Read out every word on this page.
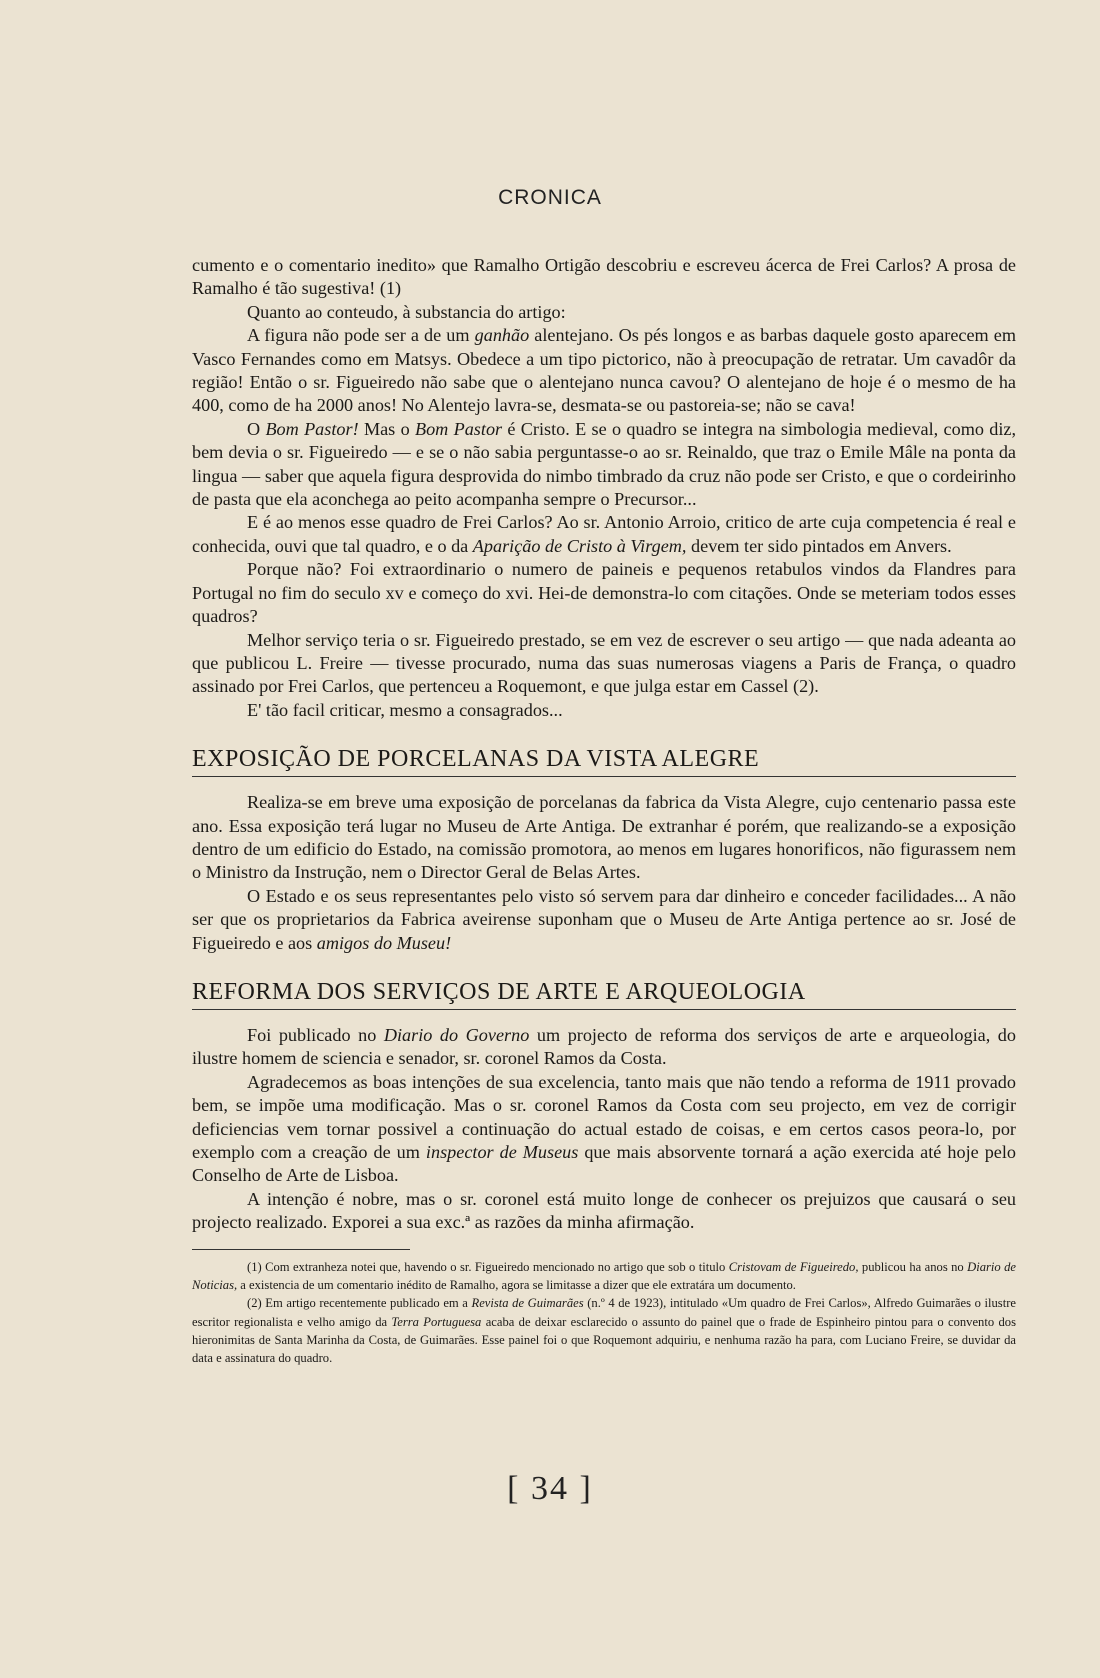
CRONICA

cumento e o comentario inedito» que Ramalho Ortigão descobriu e escreveu ácerca de Frei Carlos? A prosa de Ramalho é tão sugestiva! (1)

Quanto ao conteudo, à substancia do artigo:

A figura não pode ser a de um ganhão alentejano. Os pés longos e as barbas daquele gosto aparecem em Vasco Fernandes como em Matsys. Obedece a um tipo pictorico, não à preocupação de retratar. Um cavadôr da região! Então o sr. Figueiredo não sabe que o alentejano nunca cavou? O alentejano de hoje é o mesmo de ha 400, como de ha 2000 anos! No Alentejo lavra-se, desmata-se ou pastoreia-se; não se cava!

O Bom Pastor! Mas o Bom Pastor é Cristo. E se o quadro se integra na simbologia medieval, como diz, bem devia o sr. Figueiredo — e se o não sabia perguntasse-o ao sr. Reinaldo, que traz o Emile Mâle na ponta da lingua — saber que aquela figura desprovida do nimbo timbrado da cruz não pode ser Cristo, e que o cordeirinho de pasta que ela aconchega ao peito acompanha sempre o Precursor...

E é ao menos esse quadro de Frei Carlos? Ao sr. Antonio Arroio, critico de arte cuja competencia é real e conhecida, ouvi que tal quadro, e o da Aparição de Cristo à Virgem, devem ter sido pintados em Anvers.

Porque não? Foi extraordinario o numero de paineis e pequenos retabulos vindos da Flandres para Portugal no fim do seculo xv e começo do xvi. Hei-de demonstra-lo com citações. Onde se meteriam todos esses quadros?

Melhor serviço teria o sr. Figueiredo prestado, se em vez de escrever o seu artigo — que nada adeanta ao que publicou L. Freire — tivesse procurado, numa das suas numerosas viagens a Paris de França, o quadro assinado por Frei Carlos, que pertenceu a Roquemont, e que julga estar em Cassel (2).

E' tão facil criticar, mesmo a consagrados...

EXPOSIÇÃO DE PORCELANAS DA VISTA ALEGRE

Realiza-se em breve uma exposição de porcelanas da fabrica da Vista Alegre, cujo centenario passa este ano. Essa exposição terá lugar no Museu de Arte Antiga. De extranhar é porém, que realizando-se a exposição dentro de um edificio do Estado, na comissão promotora, ao menos em lugares honorificos, não figurassem nem o Ministro da Instrução, nem o Director Geral de Belas Artes.

O Estado e os seus representantes pelo visto só servem para dar dinheiro e conceder facilidades... A não ser que os proprietarios da Fabrica aveirense suponham que o Museu de Arte Antiga pertence ao sr. José de Figueiredo e aos amigos do Museu!

REFORMA DOS SERVIÇOS DE ARTE E ARQUEOLOGIA

Foi publicado no Diario do Governo um projecto de reforma dos serviços de arte e arqueologia, do ilustre homem de sciencia e senador, sr. coronel Ramos da Costa.

Agradecemos as boas intenções de sua excelencia, tanto mais que não tendo a reforma de 1911 provado bem, se impõe uma modificação. Mas o sr. coronel Ramos da Costa com seu projecto, em vez de corrigir deficiencias vem tornar possivel a continuação do actual estado de coisas, e em certos casos peora-lo, por exemplo com a creação de um inspector de Museus que mais absorvente tornará a ação exercida até hoje pelo Conselho de Arte de Lisboa.

A intenção é nobre, mas o sr. coronel está muito longe de conhecer os prejuizos que causará o seu projecto realizado. Exporei a sua exc.ª as razões da minha afirmação.

(1) Com extranheza notei que, havendo o sr. Figueiredo mencionado no artigo que sob o titulo Cristovam de Figueiredo, publicou ha anos no Diario de Noticias, a existencia de um comentario inédito de Ramalho, agora se limitasse a dizer que ele extratára um documento.

(2) Em artigo recentemente publicado em a Revista de Guimarães (n.º 4 de 1923), intitulado «Um quadro de Frei Carlos», Alfredo Guimarães o ilustre escritor regionalista e velho amigo da Terra Portuguesa acaba de deixar esclarecido o assunto do painel que o frade de Espinheiro pintou para o convento dos hieronimitas de Santa Marinha da Costa, de Guimarães. Esse painel foi o que Roquemont adquiriu, e nenhuma razão ha para, com Luciano Freire, se duvidar da data e assinatura do quadro.

[ 34 ]
